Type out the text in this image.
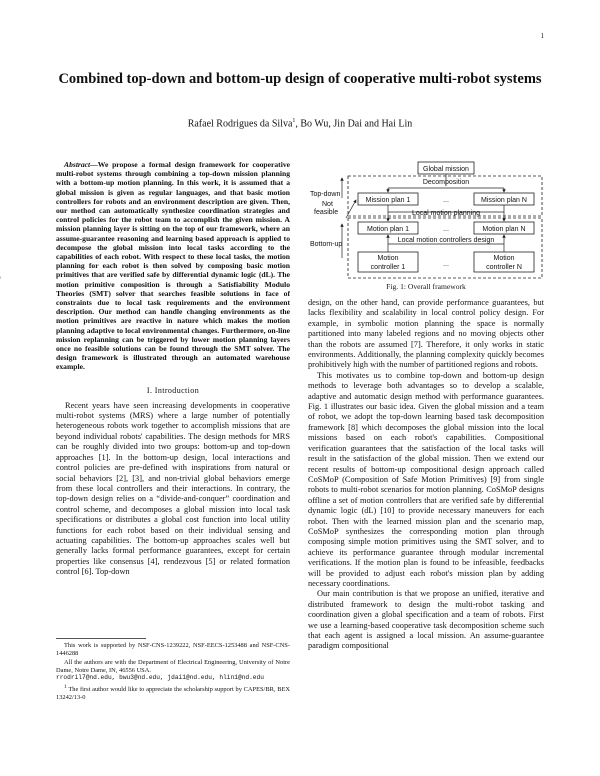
1
Combined top-down and bottom-up design of cooperative multi-robot systems
Rafael Rodrigues da Silva$^1$, Bo Wu, Jin Dai and Hai Lin

Abstract—We propose a formal design framework for cooperative multi-robot systems through combining a top-down mission planning with a bottom-up motion planning. In this work, it is assumed that a global mission is given as regular languages, and that basic motion controllers for robots and an environment description are given. Then, our method can automatically synthesize coordination strategies and control policies for the robot team to accomplish the given mission. A mission planning layer is sitting on the top of our framework, where an assume-guarantee reasoning and learning based approach is applied to decompose the global mission into local tasks according to the capabilities of each robot. With respect to these local tasks, the motion planning for each robot is then solved by composing basic motion primitives that are verified safe by differential dynamic logic (dL). The motion primitive composition is through a Satisfiability Modulo Theories (SMT) solver that searches feasible solutions in face of constraints due to local task requirements and the environment description. Our method can handle changing environments as the motion primitives are reactive in nature which makes the motion planning adaptive to local environmental changes. Furthermore, on-line mission replanning can be triggered by lower motion planning layers once no feasible solutions can be found through the SMT solver. The design framework is illustrated through an automated warehouse example.

I. Introduction

Recent years have seen increasing developments in cooperative multi-robot systems (MRS) where a large number of potentially heterogeneous robots work together to accomplish missions that are beyond individual robots' capabilities. The design methods for MRS can be roughly divided into two groups: bottom-up and top-down approaches [1]. In the bottom-up design, local interactions and control policies are pre-defined with inspirations from natural or social behaviors [2], [3], and non-trivial global behaviors emerge from these local controllers and their interactions. In contrary, the top-down design relies on a “divide-and-conquer” coordination and control scheme, and decomposes a global mission into local task specifications or distributes a global cost function into local utility functions for each robot based on their individual sensing and actuating capabilities. The bottom-up approaches scales well but generally lacks formal performance guarantees, except for certain properties like consensus [4], rendezvous [5] or related formation control [6]. Top-down

This work is supported by NSF-CNS-1239222, NSF-EECS-1253488 and NSF-CNS-1446288

All the authors are with the Department of Electrical Engineering, University of Notre Dame, Notre Dame, IN, 46556 USA.
rrodril7@nd.edu, bwu3@nd.edu, jdai1@nd.edu, hlin1@nd.edu

$^1$ The first author would like to appreciate the scholarship support by CAPES/BR, BEX 13242/13-0

Global mission
Decomposition
Mission plan 1	...	Mission plan N
Local motion planning
Motion plan 1	...	Motion plan N
Local motion controllers design
Motion
controller 1	...
Motion
controller N
Top-down
Not
feasible
Bottom-up
Fig. 1: Overall framework

design, on the other hand, can provide performance guarantees, but lacks flexibility and scalability in local control policy design. For example, in symbolic motion planning the space is normally partitioned into many labeled regions and no moving objects other than the robots are assumed [7]. Therefore, it only works in static environments. Additionally, the planning complexity quickly becomes prohibitively high with the number of partitioned regions and robots.

This motivates us to combine top-down and bottom-up design methods to leverage both advantages so to develop a scalable, adaptive and automatic design method with performance guarantees. Fig. 1 illustrates our basic idea. Given the global mission and a team of robot, we adopt the top-down learning based task decomposition framework [8] which decomposes the global mission into the local missions based on each robot's capabilities. Compositional verification guarantees that the satisfaction of the local tasks will result in the satisfaction of the global mission. Then we extend our recent results of bottom-up compositional design approach called CoSMoP (Composition of Safe Motion Primitives) [9] from single robots to multi-robot scenarios for motion planning. CoSMoP designs offline a set of motion controllers that are verified safe by differential dynamic logic (dL) [10] to provide necessary maneuvers for each robot. Then with the learned mission plan and the scenario map, CoSMoP synthesizes the corresponding motion plan through composing simple motion primitives using the SMT solver, and to achieve its performance guarantee through modular incremental verifications. If the motion plan is found to be infeasible, feedbacks will be provided to adjust each robot's mission plan by adding necessary coordinations.

Our main contribution is that we propose an unified, iterative and distributed framework to design the multi-robot tasking and coordination given a global specification and a team of robots. First we use a learning-based cooperative task decomposition scheme such that each agent is assigned a local mission. An assume-guarantee paradigm compositional
